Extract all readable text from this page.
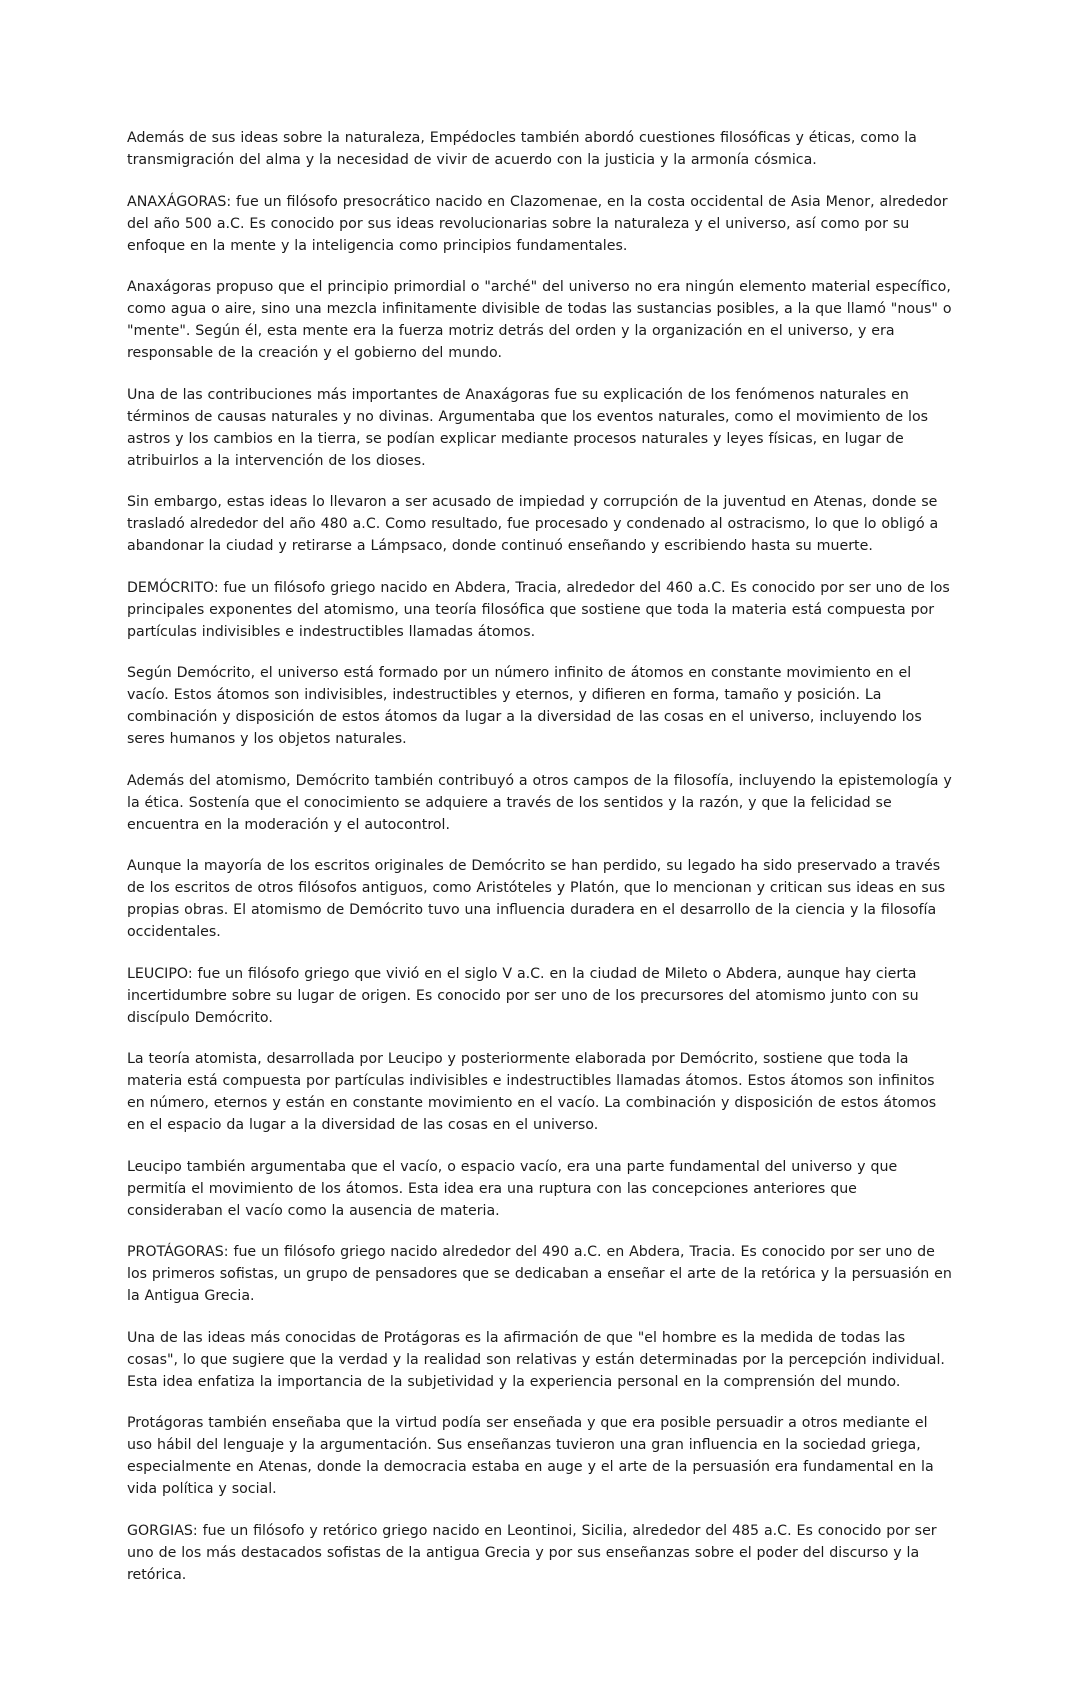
Además de sus ideas sobre la naturaleza, Empédocles también abordó cuestiones filosóficas y éticas, como la transmigración del alma y la necesidad de vivir de acuerdo con la justicia y la armonía cósmica.

ANAXÁGORAS: fue un filósofo presocrático nacido en Clazomenae, en la costa occidental de Asia Menor, alrededor del año 500 a.C. Es conocido por sus ideas revolucionarias sobre la naturaleza y el universo, así como por su enfoque en la mente y la inteligencia como principios fundamentales.

Anaxágoras propuso que el principio primordial o "arché" del universo no era ningún elemento material específico, como agua o aire, sino una mezcla infinitamente divisible de todas las sustancias posibles, a la que llamó "nous" o "mente". Según él, esta mente era la fuerza motriz detrás del orden y la organización en el universo, y era responsable de la creación y el gobierno del mundo.

Una de las contribuciones más importantes de Anaxágoras fue su explicación de los fenómenos naturales en términos de causas naturales y no divinas. Argumentaba que los eventos naturales, como el movimiento de los astros y los cambios en la tierra, se podían explicar mediante procesos naturales y leyes físicas, en lugar de atribuirlos a la intervención de los dioses.

Sin embargo, estas ideas lo llevaron a ser acusado de impiedad y corrupción de la juventud en Atenas, donde se trasladó alrededor del año 480 a.C. Como resultado, fue procesado y condenado al ostracismo, lo que lo obligó a abandonar la ciudad y retirarse a Lámpsaco, donde continuó enseñando y escribiendo hasta su muerte.

DEMÓCRITO: fue un filósofo griego nacido en Abdera, Tracia, alrededor del 460 a.C. Es conocido por ser uno de los principales exponentes del atomismo, una teoría filosófica que sostiene que toda la materia está compuesta por partículas indivisibles e indestructibles llamadas átomos.

Según Demócrito, el universo está formado por un número infinito de átomos en constante movimiento en el vacío. Estos átomos son indivisibles, indestructibles y eternos, y difieren en forma, tamaño y posición. La combinación y disposición de estos átomos da lugar a la diversidad de las cosas en el universo, incluyendo los seres humanos y los objetos naturales.

Además del atomismo, Demócrito también contribuyó a otros campos de la filosofía, incluyendo la epistemología y la ética. Sostenía que el conocimiento se adquiere a través de los sentidos y la razón, y que la felicidad se encuentra en la moderación y el autocontrol.

Aunque la mayoría de los escritos originales de Demócrito se han perdido, su legado ha sido preservado a través de los escritos de otros filósofos antiguos, como Aristóteles y Platón, que lo mencionan y critican sus ideas en sus propias obras. El atomismo de Demócrito tuvo una influencia duradera en el desarrollo de la ciencia y la filosofía occidentales.

LEUCIPO: fue un filósofo griego que vivió en el siglo V a.C. en la ciudad de Mileto o Abdera, aunque hay cierta incertidumbre sobre su lugar de origen. Es conocido por ser uno de los precursores del atomismo junto con su discípulo Demócrito.

La teoría atomista, desarrollada por Leucipo y posteriormente elaborada por Demócrito, sostiene que toda la materia está compuesta por partículas indivisibles e indestructibles llamadas átomos. Estos átomos son infinitos en número, eternos y están en constante movimiento en el vacío. La combinación y disposición de estos átomos en el espacio da lugar a la diversidad de las cosas en el universo.

Leucipo también argumentaba que el vacío, o espacio vacío, era una parte fundamental del universo y que permitía el movimiento de los átomos. Esta idea era una ruptura con las concepciones anteriores que consideraban el vacío como la ausencia de materia.

PROTÁGORAS: fue un filósofo griego nacido alrededor del 490 a.C. en Abdera, Tracia. Es conocido por ser uno de los primeros sofistas, un grupo de pensadores que se dedicaban a enseñar el arte de la retórica y la persuasión en la Antigua Grecia.

Una de las ideas más conocidas de Protágoras es la afirmación de que "el hombre es la medida de todas las cosas", lo que sugiere que la verdad y la realidad son relativas y están determinadas por la percepción individual. Esta idea enfatiza la importancia de la subjetividad y la experiencia personal en la comprensión del mundo.

Protágoras también enseñaba que la virtud podía ser enseñada y que era posible persuadir a otros mediante el uso hábil del lenguaje y la argumentación. Sus enseñanzas tuvieron una gran influencia en la sociedad griega, especialmente en Atenas, donde la democracia estaba en auge y el arte de la persuasión era fundamental en la vida política y social.

GORGIAS: fue un filósofo y retórico griego nacido en Leontinoi, Sicilia, alrededor del 485 a.C. Es conocido por ser uno de los más destacados sofistas de la antigua Grecia y por sus enseñanzas sobre el poder del discurso y la retórica.
